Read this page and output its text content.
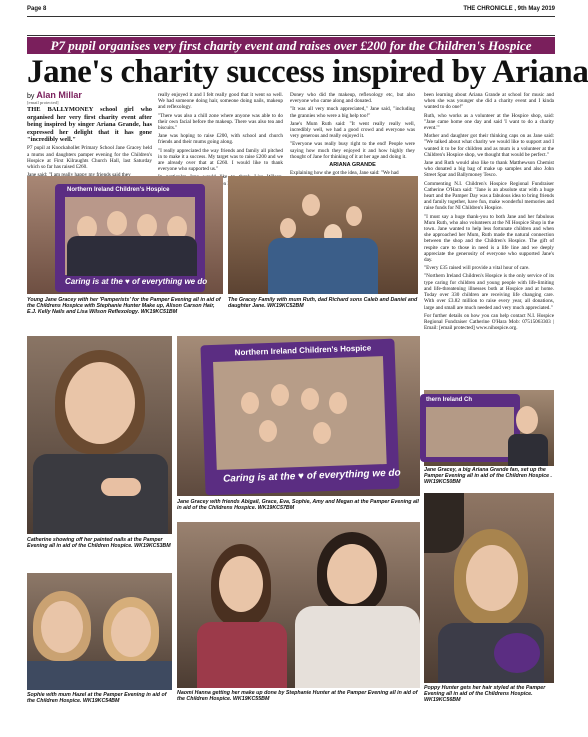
Page 8	THE CHRONICLE , 9th May 2019
P7 pupil organises very first charity event and raises over £200 for the Children's Hospice
Jane's charity success inspired by Ariana
by Alan Millar
[email protected]

THE BALLYMONEY school girl who organised her very first charity event after being inspired by singer Ariana Grande, has expressed her delight that it has gone "incredibly well."

P7 pupil at Knockahollet Primary School Jane Gracey held a mums and daughters pamper evening for the Children's Hospice at First Kilraughts Church Hall, last Saturday which so far has raised £260.

really enjoyed it and I felt really good that it went so well. We had someone doing hair, someone doing nails, makeup and reflexology.

"There was also a chill zone where anyone was able to do their own facial before the makeup. There was also tea and biscuits."

Jane was hoping to raise £200, with school and church friends and their mums going along.

"I really appreciated the way friends and family all pitched in to make it a success. My target was to raise £200 and we are already over that at £260. I would like to thank everyone who supported us."

like

Doney who did the makeup, reflexology etc, but also everyone who came along and donated.

"It was all very much appreciated," Jane said, "including the grannies who were a big help too!"

Jane's Mum Ruth said: "It went really really well, incredibly well, we had a good crowd and everyone was very generous and really enjoyed it.

"Everyone was really busy right to the end! People were saying how much they enjoyed it and how highly they thought of Jane for thinking of it at her age and doing it.

ARIANA GRANDE

Explaining how she got the idea, Jane said: "We had

been learning about Ariana Grande at school for music and when she was younger she did a charity event and I kinda wanted to do one!"

Ruth, who works as a volunteer at the Hospice shop, said: "Jane came home one day and said 'I want to do a charity event.'"

Mother and daughter got their thinking caps on as Jane said: "We talked about what charity we would like to support and I wanted it to be for children and as mum is a volunteer at the Children's Hospice shop, we thought that would be perfect."

Jane and Ruth would also like to thank Matthewson Chemist who donated a big bag of make up samples and also John Street Spar and Ballymoney Tesco.

Commenting N.I. Children's Hospice Regional Fundraiser Catherine O'Hara said: "Jane is an absolute star with a huge heart and the Pamper Day was a fabulous idea to bring friends and family together, have fun, make wonderful memories and raise funds for NI Children's Hospice.

"I must say a huge thank-you to both Jane and her fabulous Mum Ruth, who also volunteers at the NI Hospice Shop in the town. Jane wanted to help less fortunate children and when she approached her Mum, Ruth made the natural connection between the shop and the Children's Hospice. The gift of respite care to those in need is a life line and we deeply appreciate the generosity of everyone who supported Jane's day.

"Every £35 raised will provide a vital hour of care.

"Northern Ireland Children's Hospice is the only service of its type caring for children and young people with life-limiting and life-threatening illnesses both at Hospice and at home. Today over 330 children are receiving life changing care. With over £3.82 million to raise every year, all donations, large and small are much needed and very much appreciated."

For further details on how you can help contact N.I. Hospice Regional Fundraiser Catherine O'Hara Mob: 07515063303 | Email: [email protected] www.nihospice.org.

Northern Ireland Children's Hospice
Caring is at the ♥ of everything we do
Young Jane Gracey with her 'Pamperists' for the Pamper Evening all in aid of the Childrens Hospice with Stephanie Hunter Make up, Alison Carson Hair, E.J. Kelly Nails and Lisa Wilson Reflexology. WK19KC51BM
The Gracey Family with mum Ruth, dad Richard sons Caleb and Daniel and daughter Jane. WK19KC52BM
Catherine showing off her painted nails at the Pamper Evening all in aid of the Children Hospice. WK19KC53BM
Northern Ireland Children's Hospice
Caring is at the ♥ of everything we do
Jane Gracey with friends Abigail, Grace, Eva, Sophie, Amy and Megan at the Pamper Evening all in aid of the Childrens Hospice. WK19KC57BM
thern Ireland Ch
Jane Gracey, a big Ariana Grande fan, set up the Pamper Evening all in aid of the Children Hospice . WK19KC50BM
Sophie with mum Hazel at the Pamper Evening in aid of the Children Hospice. WK19KC54BM
Naomi Hanna getting her make up done by Stephanie Hunter at the Pamper Evening all in aid of the Children Hospice. WK19KC55BM
Poppy Hunter gets her hair styled at the Pamper Evening all in aid of the Childrens Hospice. WK19KC56BM
